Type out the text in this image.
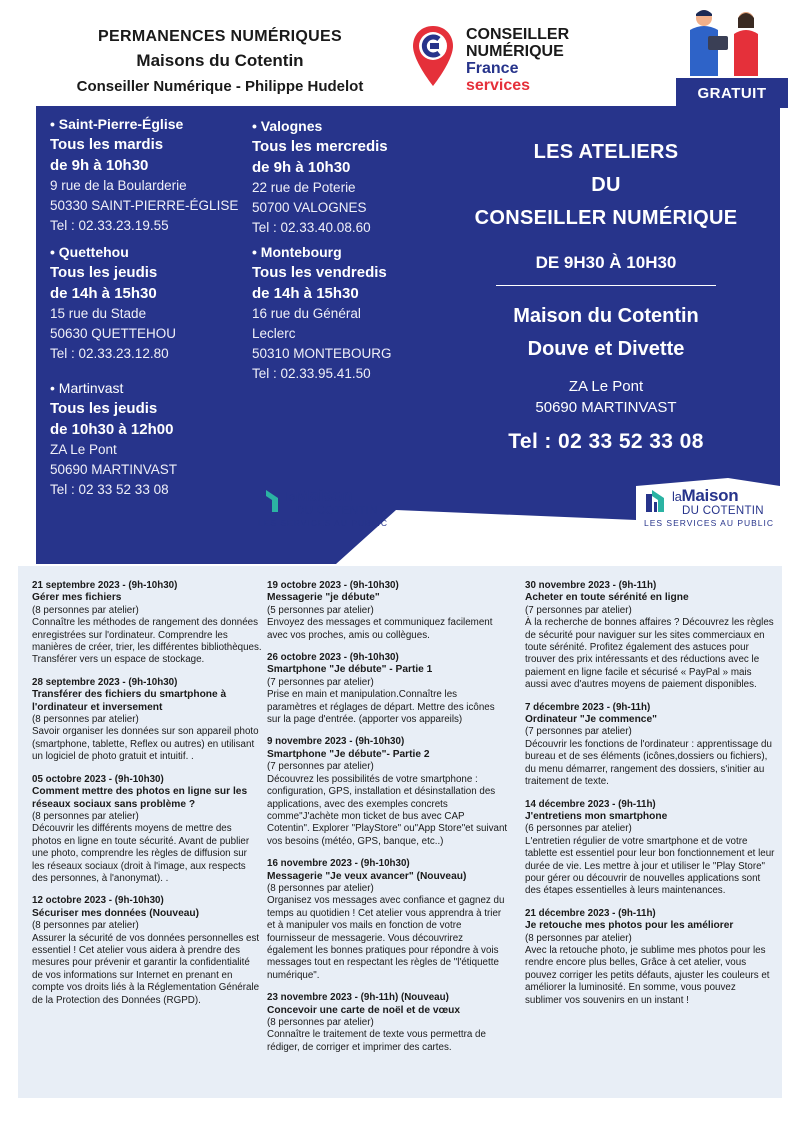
PERMANENCES NUMÉRIQUES
Maisons du Cotentin
Conseiller Numérique - Philippe Hudelot
CONSEILLER
NUMÉRIQUE
France
services	GRATUIT
• Saint-Pierre-Église
Tous les mardis
de 9h à 10h30
9 rue de la Boularderie
50330 SAINT-PIERRE-ÉGLISE
Tel : 02.33.23.19.55
• Valognes
Tous les mercredis
de 9h à 10h30
22 rue de Poterie
50700 VALOGNES
Tel : 02.33.40.08.60
• Quettehou
Tous les jeudis
de 14h à 15h30
15 rue du Stade
50630 QUETTEHOU
Tel : 02.33.23.12.80
• Montebourg
Tous les vendredis
de 14h à 15h30
16 rue du Général
Leclerc
50310 MONTEBOURG
Tel : 02.33.95.41.50
• Martinvast
Tous les jeudis
de 10h30 à 12h00
ZA Le Pont
50690 MARTINVAST
Tel : 02 33 52 33 08
LES ATELIERS
DU
CONSEILLER NUMÉRIQUE
DE 9H30 À 10H30
Maison du Cotentin
Douve et Divette
ZA Le Pont
50690 MARTINVAST
Tel : 02 33 52 33 08
laMaison
DU COTENTIN
LES SERVICES AU PUBLIC
laMaison
DU COTENTIN
LES SERVICES AU PUBLIC
21 septembre 2023 - (9h-10h30)
Gérer mes fichiers
(8 personnes par atelier)
Connaître les méthodes de rangement des données enregistrées sur l'ordinateur. Comprendre les manières de créer, trier, les différentes bibliothèques. Transférer vers un espace de stockage.
28 septembre 2023 - (9h-10h30)
Transférer des fichiers du smartphone à l'ordinateur et inversement
(8 personnes par atelier)
Savoir organiser les données sur son appareil photo (smartphone, tablette, Reflex ou autres) en utilisant un logiciel de photo gratuit et intuitif. .
05 octobre 2023 - (9h-10h30)
Comment mettre des photos en ligne sur les réseaux sociaux sans problème ?
(8 personnes par atelier)
Découvrir les différents moyens de mettre des photos en ligne en toute sécurité. Avant de publier une photo, comprendre les règles de diffusion sur les réseaux sociaux (droit à l'image, aux respects des personnes, à l'anonymat). .
12 octobre 2023 - (9h-10h30)
Sécuriser mes données (Nouveau)
(8 personnes par atelier)
Assurer la sécurité de vos données personnelles est essentiel ! Cet atelier vous aidera à prendre des mesures pour prévenir et garantir la confidentialité de vos informations sur Internet en prenant en compte vos droits liés à la Réglementation Générale de la Protection des Données (RGPD).
19 octobre 2023 - (9h-10h30)
Messagerie "je débute"
(5 personnes par atelier)
Envoyez des messages et communiquez facilement avec vos proches, amis ou collègues.
26 octobre 2023 - (9h-10h30)
Smartphone "Je débute" - Partie 1
(7 personnes par atelier)
Prise en main et manipulation.Connaître les paramètres et réglages de départ. Mettre des icônes sur la page d'entrée. (apporter vos appareils)
9 novembre 2023 - (9h-10h30)
Smartphone "Je débute"- Partie 2
(7 personnes par atelier)
Découvrez les possibilités de votre smartphone : configuration, GPS, installation et désinstallation des applications, avec des exemples concrets comme"J'achète mon ticket de bus avec CAP Cotentin". Explorer "PlayStore" ou"App Store"et suivant vos besoins (météo, GPS, banque, etc..)
16 novembre 2023 - (9h-10h30)
Messagerie "Je veux avancer" (Nouveau)
(8 personnes par atelier)
Organisez vos messages avec confiance et gagnez du temps au quotidien ! Cet atelier vous apprendra à trier et à manipuler vos mails en fonction de votre fournisseur de messagerie. Vous découvrirez également les bonnes pratiques pour répondre à vois messages tout en respectant les règles de "l'étiquette numérique".
23 novembre 2023 - (9h-11h) (Nouveau)
Concevoir une carte de noël et de vœux
(8 personnes par atelier)
Connaître le traitement de texte vous permettra de rédiger, de corriger et imprimer des cartes.
30 novembre 2023 - (9h-11h)
Acheter en toute sérénité en ligne
(7 personnes par atelier)
À la recherche de bonnes affaires ? Découvrez les règles de sécurité pour naviguer sur les sites commerciaux en toute sérénité. Profitez également des astuces pour trouver des prix intéressants et des réductions avec le paiement en ligne facile et sécurisé « PayPal » mais aussi avec d'autres moyens de paiement disponibles.
7 décembre 2023 - (9h-11h)
Ordinateur "Je commence"
(7 personnes par atelier)
Découvrir les fonctions de l'ordinateur : apprentissage du bureau et de ses éléments (icônes,dossiers ou fichiers), du menu démarrer, rangement des dossiers, s'initier au traitement de texte.
14 décembre 2023 - (9h-11h)
J'entretiens mon smartphone
(6 personnes par atelier)
L'entretien régulier de votre smartphone et de votre tablette est essentiel pour leur bon fonctionnement et leur durée de vie. Les mettre à jour et utiliser le "Play Store" pour gérer ou découvrir de nouvelles applications sont des étapes essentielles à leurs maintenances.
21 décembre 2023 - (9h-11h)
Je retouche mes photos pour les améliorer
(8 personnes par atelier)
Avec la retouche photo, je sublime mes photos pour les rendre encore plus belles, Grâce à cet atelier, vous pouvez corriger les petits défauts, ajuster les couleurs et améliorer la luminosité. En somme, vous pouvez sublimer vos souvenirs en un instant !
